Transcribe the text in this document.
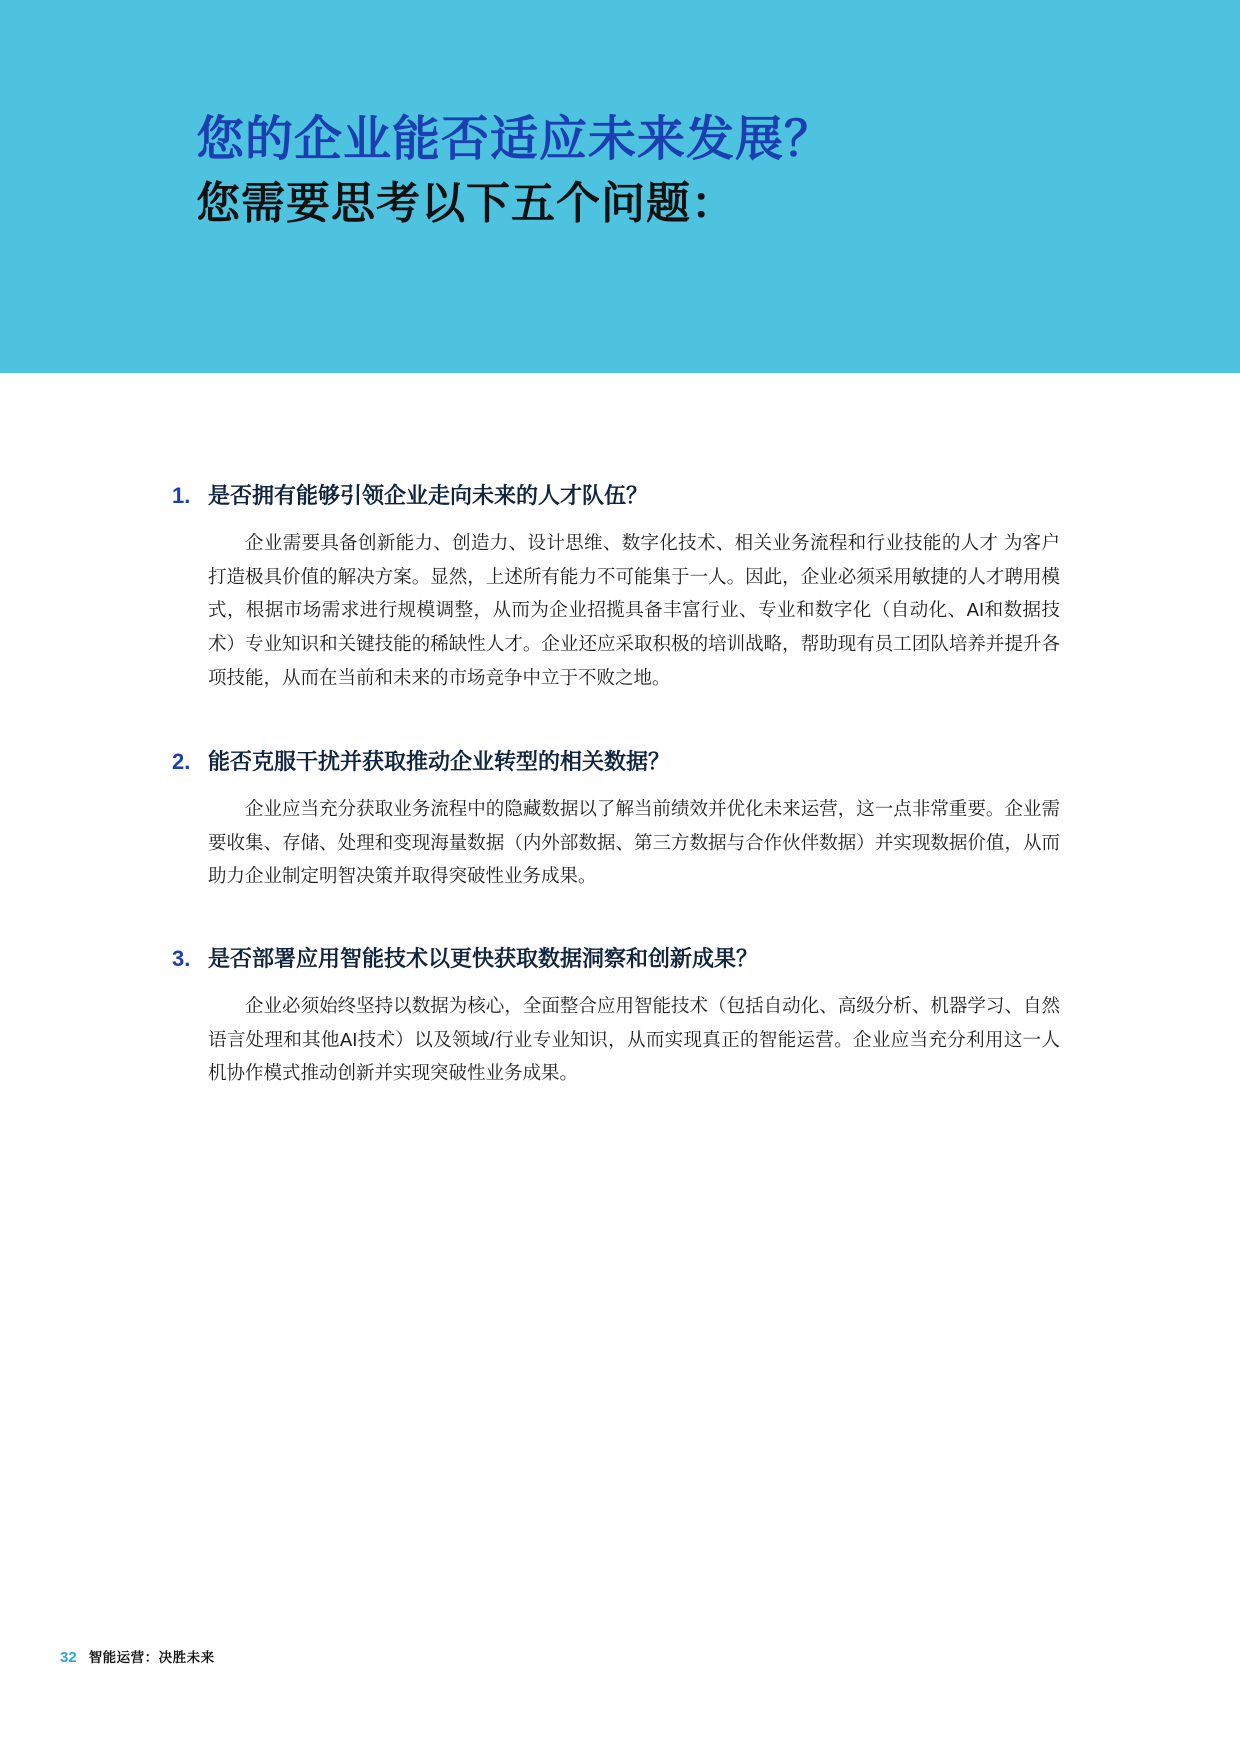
您的企业能否适应未来发展？
您需要思考以下五个问题：
1. 是否拥有能够引领企业走向未来的人才队伍？

企业需要具备创新能力、创造力、设计思维、数字化技术、相关业务流程和行业技能的人才 为客户打造极具价值的解决方案。显然，上述所有能力不可能集于一人。因此，企业必须采用敏捷的人才聘用模式，根据市场需求进行规模调整，从而为企业招揽具备丰富行业、专业和数字化（自动化、AI和数据技术）专业知识和关键技能的稀缺性人才。企业还应采取积极的培训战略，帮助现有员工团队培养并提升各项技能，从而在当前和未来的市场竞争中立于不败之地。

2. 能否克服干扰并获取推动企业转型的相关数据？

企业应当充分获取业务流程中的隐藏数据以了解当前绩效并优化未来运营，这一点非常重要。企业需要收集、存储、处理和变现海量数据（内外部数据、第三方数据与合作伙伴数据）并实现数据价值，从而助力企业制定明智决策并取得突破性业务成果。

3. 是否部署应用智能技术以更快获取数据洞察和创新成果？

企业必须始终坚持以数据为核心，全面整合应用智能技术（包括自动化、高级分析、机器学习、自然语言处理和其他AI技术）以及领域/行业专业知识，从而实现真正的智能运营。企业应当充分利用这一人机协作模式推动创新并实现突破性业务成果。

32 智能运营：决胜未来
